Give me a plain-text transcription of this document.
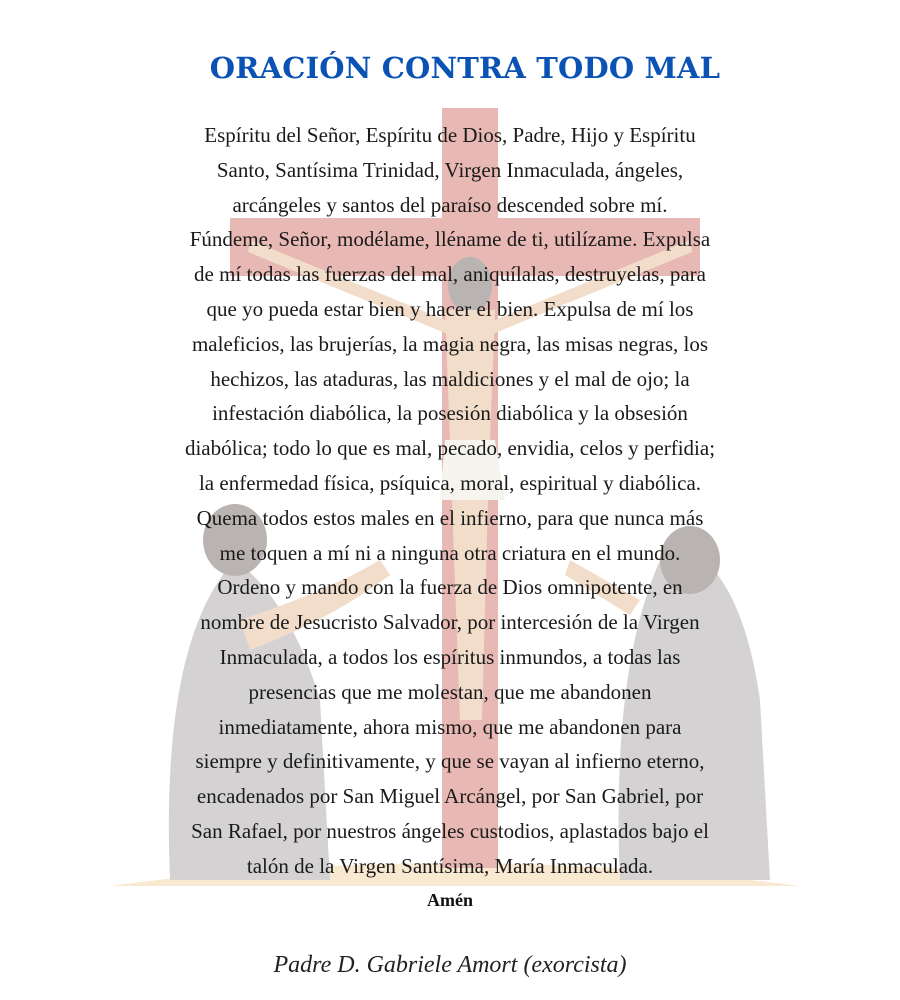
ORACIÓN CONTRA TODO MAL
Espíritu del Señor, Espíritu de Dios, Padre, Hijo y Espíritu
Santo, Santísima Trinidad, Virgen Inmaculada, ángeles,
arcángeles y santos del paraíso descended sobre mí.
Fúndeme, Señor, modélame, lléname de ti, utilízame. Expulsa
de mí todas las fuerzas del mal, aniquílalas, destruyelas, para
que yo pueda estar bien y hacer el bien. Expulsa de mí los
maleficios, las brujerías, la magia negra, las misas negras, los
hechizos, las ataduras, las maldiciones y el mal de ojo; la
infestación diabólica, la posesión diabólica y la obsesión
diabólica; todo lo que es mal, pecado, envidia, celos y perfidia;
la enfermedad física, psíquica, moral, espiritual y diabólica.
Quema todos estos males en el infierno, para que nunca más
me toquen a mí ni a ninguna otra criatura en el mundo.
Ordeno y mando con la fuerza de Dios omnipotente, en
nombre de Jesucristo Salvador, por intercesión de la Virgen
Inmaculada, a todos los espíritus inmundos, a todas las
presencias que me molestan, que me abandonen
inmediatamente, ahora mismo, que me abandonen para
siempre y definitivamente, y que se vayan al infierno eterno,
encadenados por San Miguel Arcángel, por San Gabriel, por
San Rafael, por nuestros ángeles custodios, aplastados bajo el
talón de la Virgen Santísima, María Inmaculada.
Amén
Padre D. Gabriele Amort (exorcista)
